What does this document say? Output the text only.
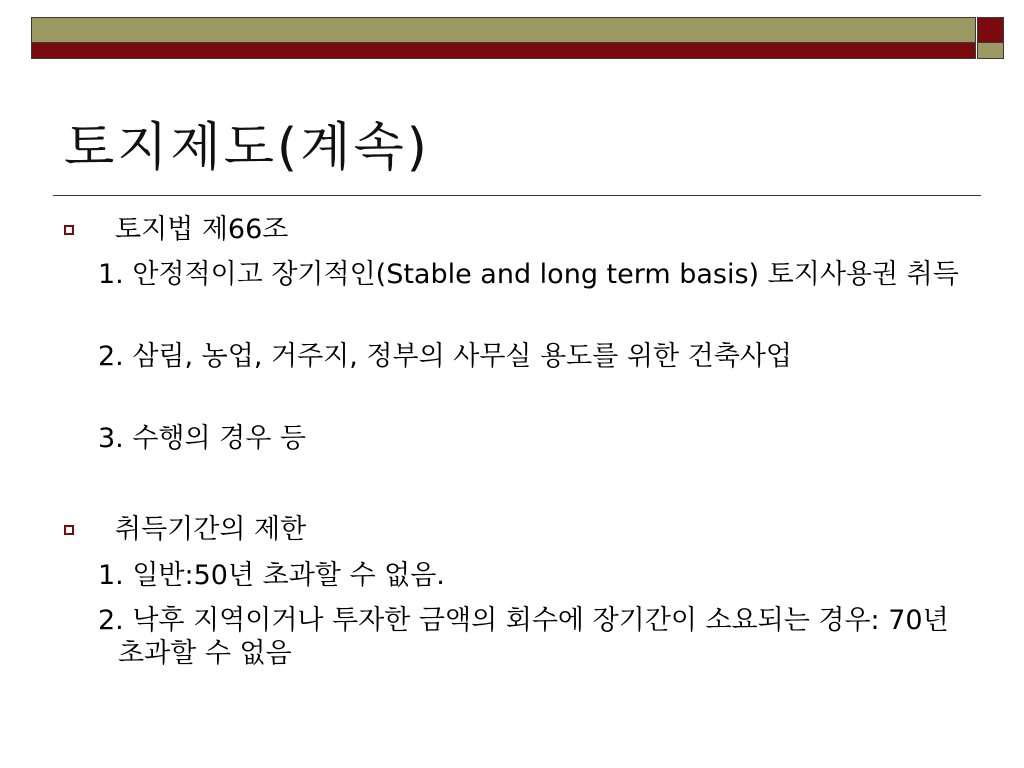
토지제도(계속)
토지법 제66조
1. 안정적이고 장기적인(Stable and long term basis) 토지사용권 취득
2. 삼림, 농업, 거주지, 정부의 사무실 용도를 위한 건축사업
3. 수행의 경우 등
취득기간의 제한
1. 일반:50년 초과할 수 없음.
2. 낙후 지역이거나 투자한 금액의 회수에 장기간이 소요되는 경우: 70년 초과할 수 없음
